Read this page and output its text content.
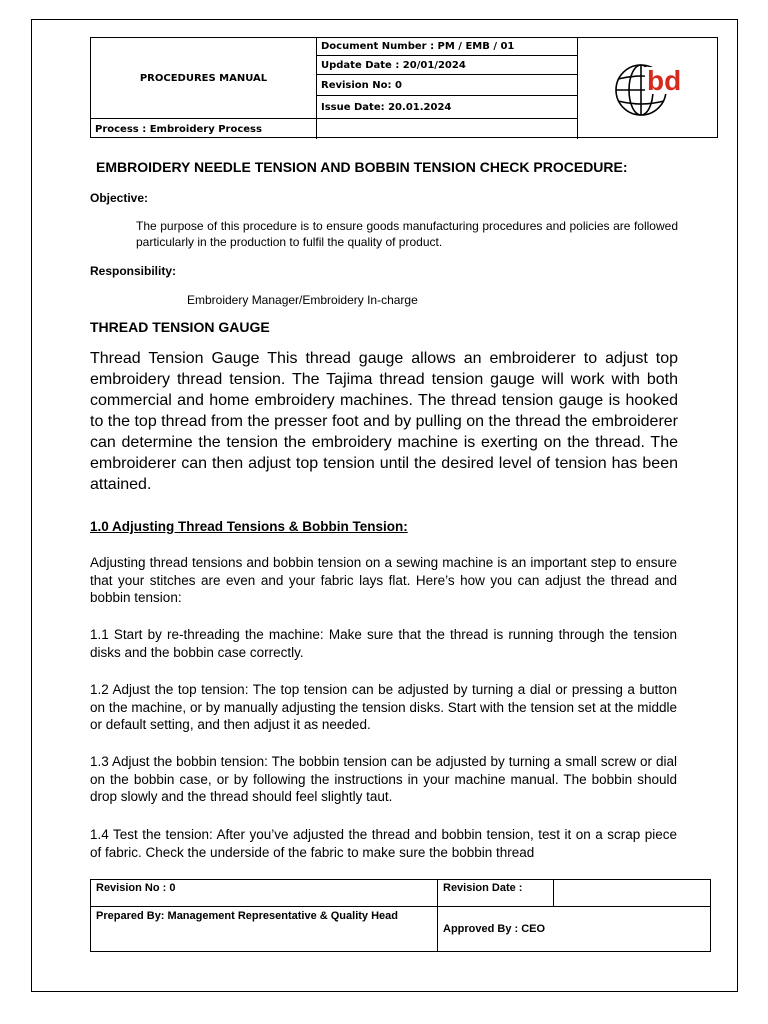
PROCEDURES MANUAL
Process : Embroidery Process
Document Number : PM / EMB / 01
Update Date : 20/01/2024
Revision No: 0
Issue Date: 20.01.2024
bd
EMBROIDERY NEEDLE TENSION AND BOBBIN TENSION CHECK PROCEDURE:
Objective:
The purpose of this procedure is to ensure goods manufacturing procedures and policies are followed particularly in the production to fulfil the quality of product.
Responsibility:
Embroidery Manager/Embroidery In-charge
THREAD TENSION GAUGE
Thread Tension Gauge This thread gauge allows an embroiderer to adjust top embroidery thread tension. The Tajima thread tension gauge will work with both commercial and home embroidery machines. The thread tension gauge is hooked to the top thread from the presser foot and by pulling on the thread the embroiderer can determine the tension the embroidery machine is exerting on the thread. The embroiderer can then adjust top tension until the desired level of tension has been attained.
1.0 Adjusting Thread Tensions & Bobbin Tension:
Adjusting thread tensions and bobbin tension on a sewing machine is an important step to ensure that your stitches are even and your fabric lays flat. Here’s how you can adjust the thread and bobbin tension:
1.1 Start by re-threading the machine: Make sure that the thread is running through the tension disks and the bobbin case correctly.
1.2 Adjust the top tension: The top tension can be adjusted by turning a dial or pressing a button on the machine, or by manually adjusting the tension disks. Start with the tension set at the middle or default setting, and then adjust it as needed.
1.3 Adjust the bobbin tension: The bobbin tension can be adjusted by turning a small screw or dial on the bobbin case, or by following the instructions in your machine manual. The bobbin should drop slowly and the thread should feel slightly taut.
1.4 Test the tension: After you’ve adjusted the thread and bobbin tension, test it on a scrap piece of fabric. Check the underside of the fabric to make sure the bobbin thread
Revision No : 0	Revision Date :
Prepared By: Management Representative & Quality Head
Approved By : CEO
